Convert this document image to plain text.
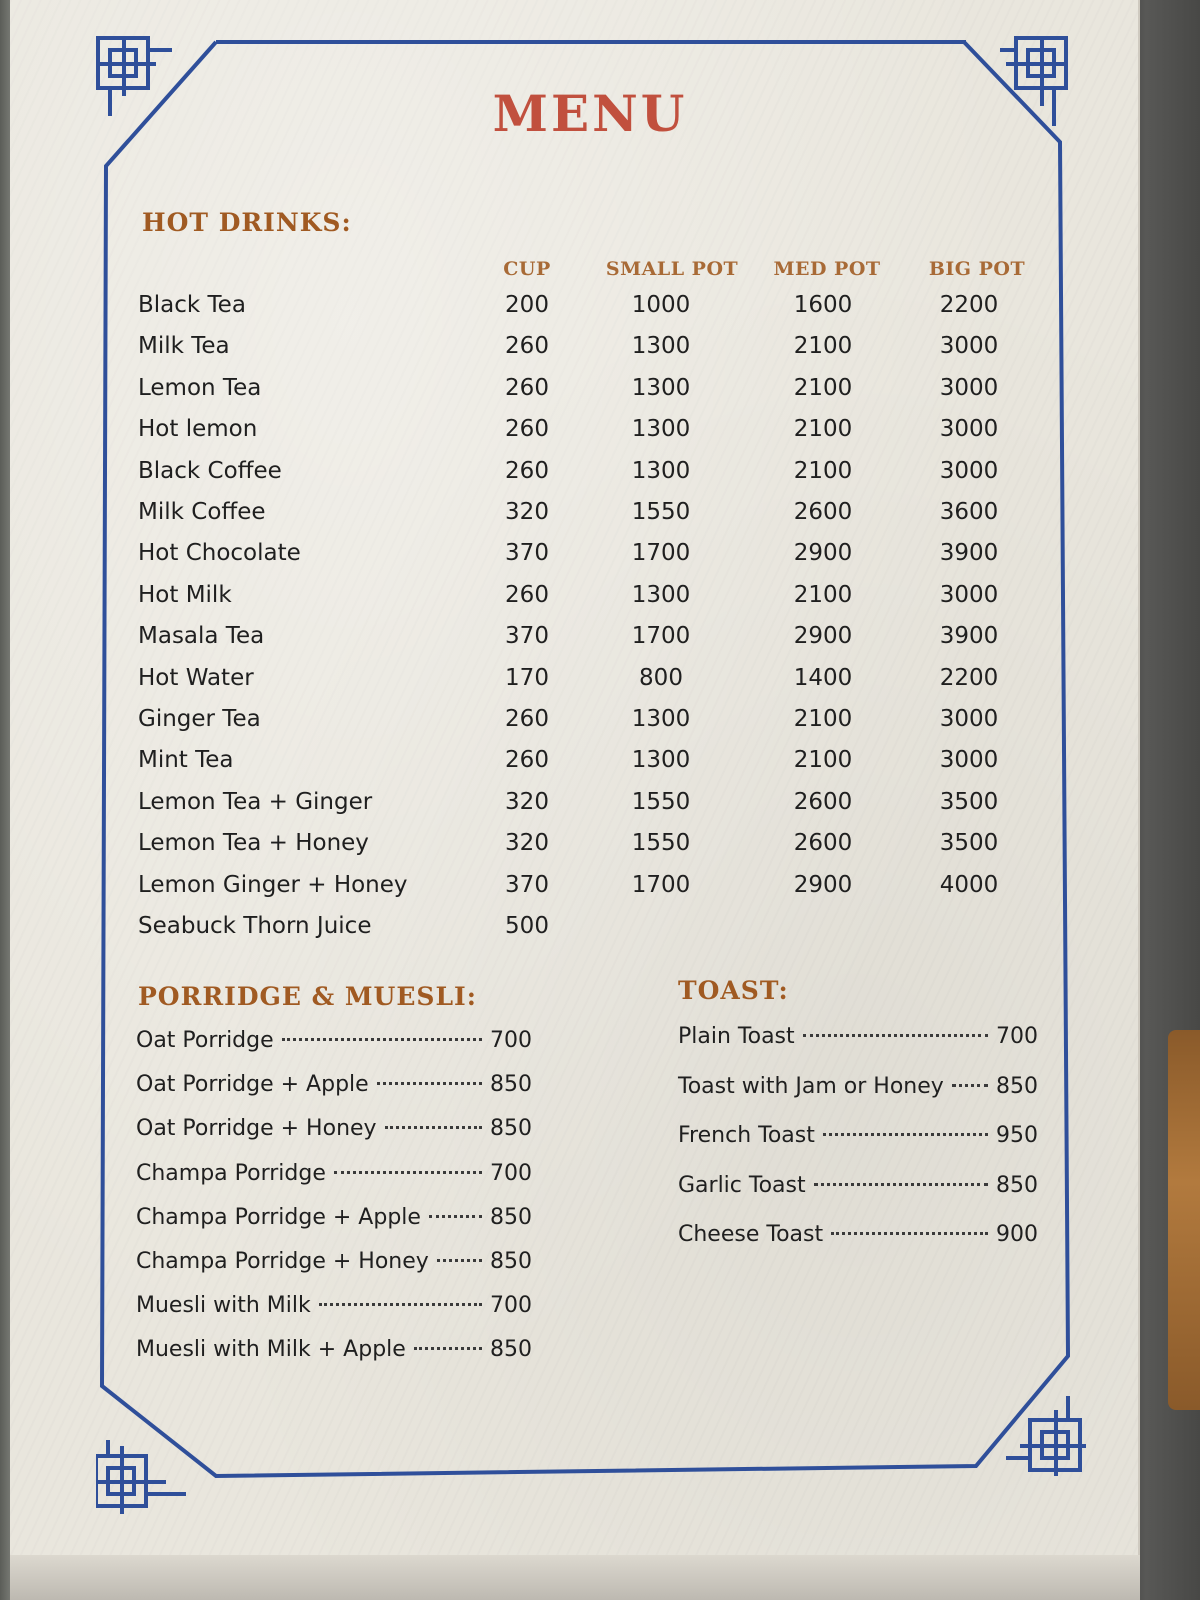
MENU
HOT DRINKS:
CUP	SMALL POT	MED POT	BIG POT
Black Tea	200	1000	1600	2200
Milk Tea	260	1300	2100	3000
Lemon Tea	260	1300	2100	3000
Hot lemon	260	1300	2100	3000
Black Coffee	260	1300	2100	3000
Milk Coffee	320	1550	2600	3600
Hot Chocolate	370	1700	2900	3900
Hot Milk	260	1300	2100	3000
Masala Tea	370	1700	2900	3900
Hot Water	170	800	1400	2200
Ginger Tea	260	1300	2100	3000
Mint Tea	260	1300	2100	3000
Lemon Tea + Ginger	320	1550	2600	3500
Lemon Tea + Honey	320	1550	2600	3500
Lemon Ginger + Honey	370	1700	2900	4000
Seabuck Thorn Juice	500
PORRIDGE & MUESLI:
Oat Porridge	700
Oat Porridge + Apple	850
Oat Porridge + Honey	850
Champa Porridge	700
Champa Porridge + Apple	850
Champa Porridge + Honey	850
Muesli with Milk	700
Muesli with Milk + Apple	850
TOAST:
Plain Toast	700
Toast with Jam or Honey 850
French Toast	950
Garlic Toast	850
Cheese Toast	900
